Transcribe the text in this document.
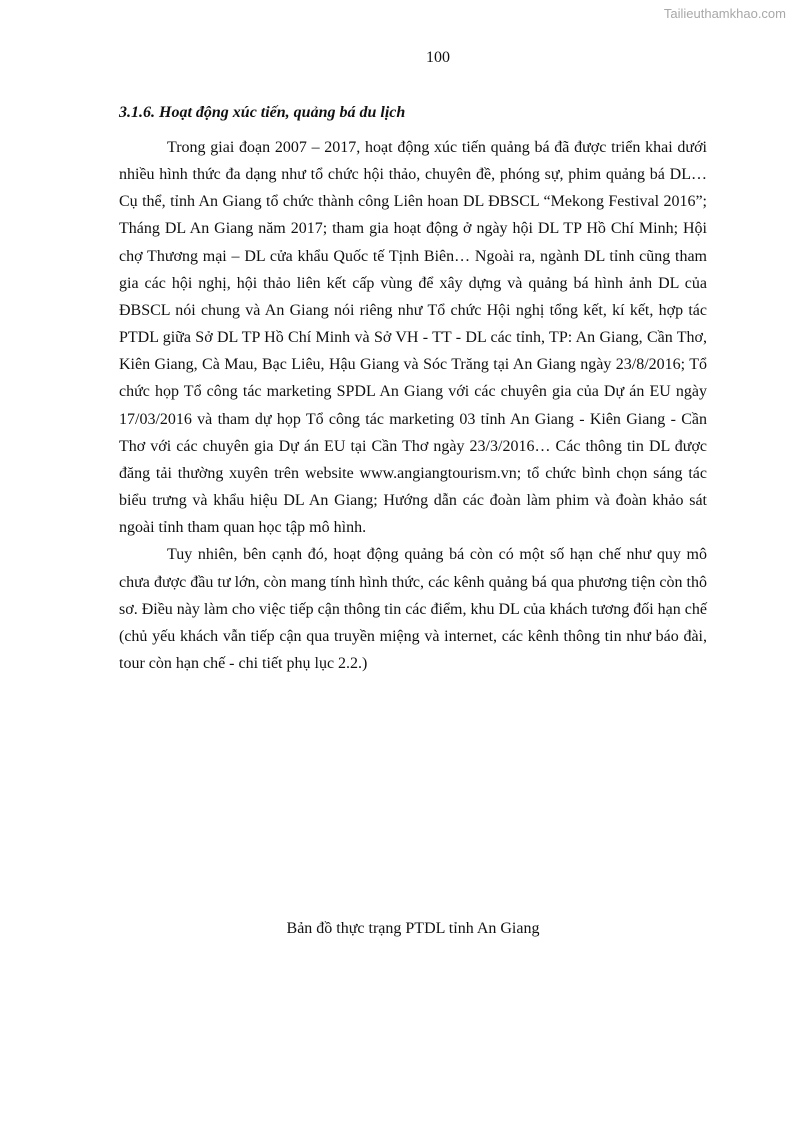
Tailieuthamkhao.com
100
3.1.6. Hoạt động xúc tiến, quảng bá du lịch

Trong giai đoạn 2007 – 2017, hoạt động xúc tiến quảng bá đã được triển khai dưới nhiều hình thức đa dạng như tổ chức hội thảo, chuyên đề, phóng sự, phim quảng bá DL… Cụ thể, tỉnh An Giang tổ chức thành công Liên hoan DL ĐBSCL “Mekong Festival 2016”; Tháng DL An Giang năm 2017; tham gia hoạt động ở ngày hội DL TP Hồ Chí Minh; Hội chợ Thương mại – DL cửa khẩu Quốc tế Tịnh Biên… Ngoài ra, ngành DL tỉnh cũng tham gia các hội nghị, hội thảo liên kết cấp vùng để xây dựng và quảng bá hình ảnh DL của ĐBSCL nói chung và An Giang nói riêng như Tổ chức Hội nghị tổng kết, kí kết, hợp tác PTDL giữa Sở DL TP Hồ Chí Minh và Sở VH - TT - DL các tỉnh, TP: An Giang, Cần Thơ, Kiên Giang, Cà Mau, Bạc Liêu, Hậu Giang và Sóc Trăng tại An Giang ngày 23/8/2016; Tổ chức họp Tổ công tác marketing SPDL An Giang với các chuyên gia của Dự án EU ngày 17/03/2016 và tham dự họp Tổ công tác marketing 03 tỉnh An Giang - Kiên Giang - Cần Thơ với các chuyên gia Dự án EU tại Cần Thơ ngày 23/3/2016… Các thông tin DL được đăng tải thường xuyên trên website www.angiangtourism.vn; tổ chức bình chọn sáng tác biểu trưng và khẩu hiệu DL An Giang; Hướng dẫn các đoàn làm phim và đoàn khảo sát ngoài tỉnh tham quan học tập mô hình.

Tuy nhiên, bên cạnh đó, hoạt động quảng bá còn có một số hạn chế như quy mô chưa được đầu tư lớn, còn mang tính hình thức, các kênh quảng bá qua phương tiện còn thô sơ. Điều này làm cho việc tiếp cận thông tin các điểm, khu DL của khách tương đối hạn chế (chủ yếu khách vẫn tiếp cận qua truyền miệng và internet, các kênh thông tin như báo đài, tour còn hạn chế - chi tiết phụ lục 2.2.)

Bản đồ thực trạng PTDL tỉnh An Giang
